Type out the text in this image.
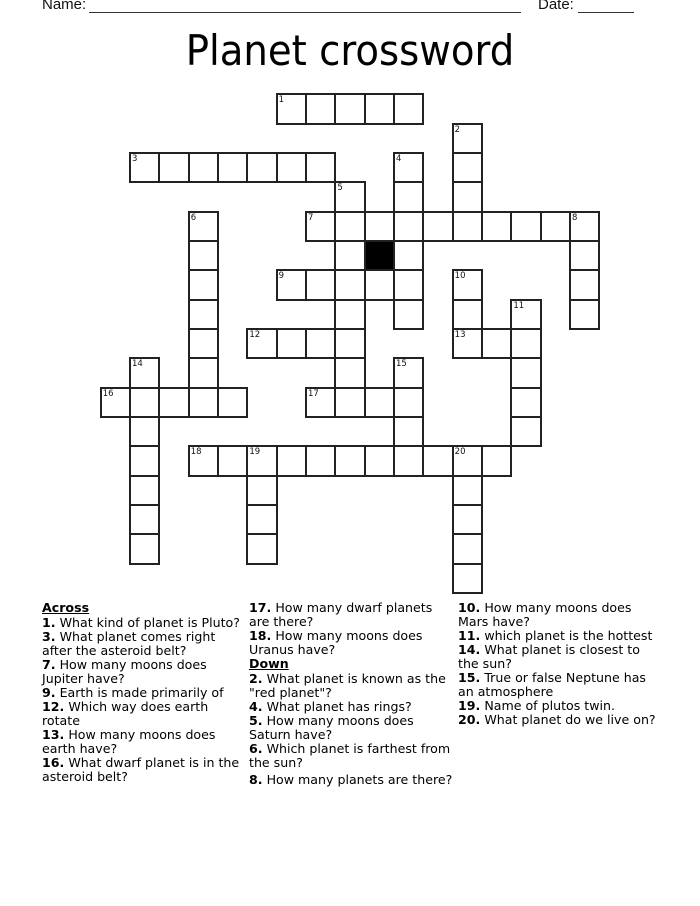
Name:	Date:
Planet crossword
1
2
3	4
5
6	7	8
9	10
13
11
12
14	15
16	17
18	19	20
Across
1. What kind of planet is Pluto?
3. What planet comes right after the asteroid belt?
7. How many moons does Jupiter have?
9. Earth is made primarily of
12. Which way does earth rotate
13. How many moons does earth have?
16. What dwarf planet is in the asteroid belt?
17. How many dwarf planets are there?
18. How many moons does Uranus have?
Down
2. What planet is known as the "red planet"?
4. What planet has rings?
5. How many moons does Saturn have?
6. Which planet is farthest from the sun?
8. How many planets are there?
10. How many moons does Mars have?
11. which planet is the hottest
14. What planet is closest to the sun?
15. True or false Neptune has an atmosphere
19. Name of plutos twin.
20. What planet do we live on?
